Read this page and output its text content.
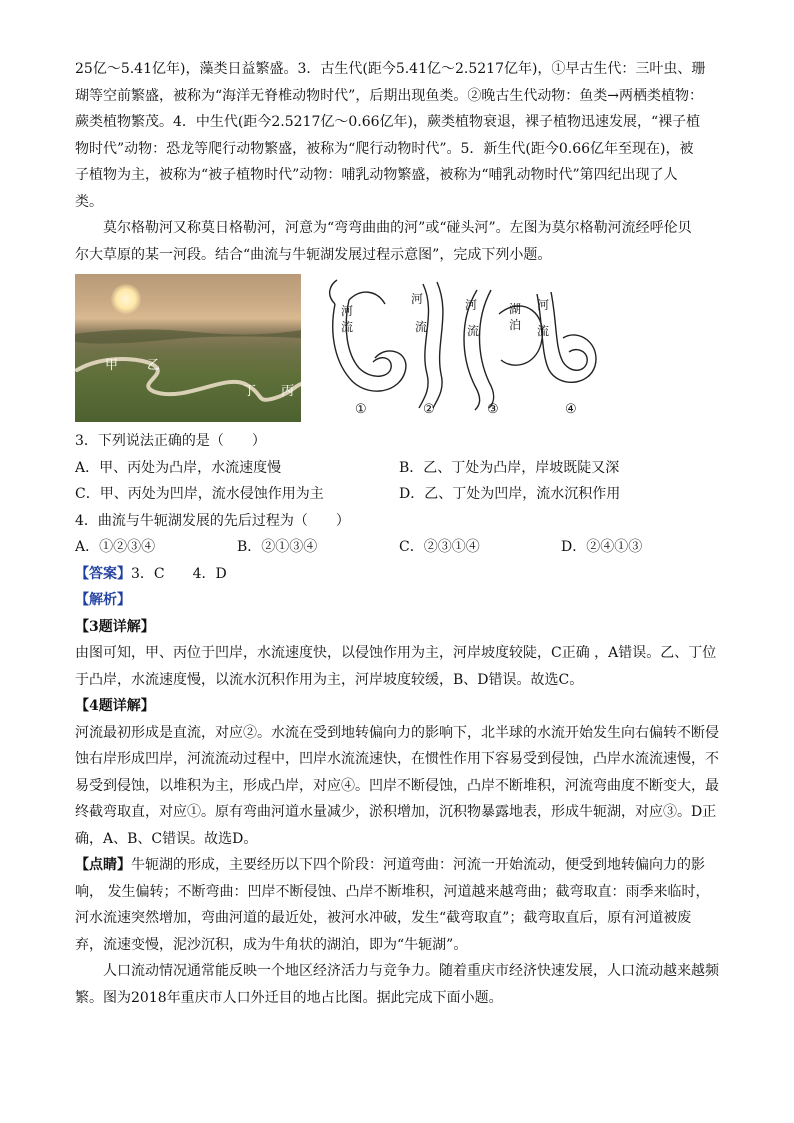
25亿～5.41亿年)，藻类日益繁盛。3．古生代(距今5.41亿～2.5217亿年)，①早古生代：三叶虫、珊

瑚等空前繁盛，被称为“海洋无脊椎动物时代”，后期出现鱼类。②晚古生代动物：鱼类→两栖类植物：

蕨类植物繁茂。4．中生代(距今2.5217亿～0.66亿年)，蕨类植物衰退，裸子植物迅速发展，“裸子植

物时代”动物：恐龙等爬行动物繁盛，被称为“爬行动物时代”。5．新生代(距今0.66亿年至现在)，被

子植物为主，被称为“被子植物时代”动物：哺乳动物繁盛，被称为“哺乳动物时代”第四纪出现了人

类。

莫尔格勒河又称莫日格勒河，河意为“弯弯曲曲的河”或“碰头河”。左图为莫尔格勒河流经呼伦贝

尔大草原的某一河段。结合“曲流与牛轭湖发展过程示意图”，完成下列小题。

甲 乙
丁 丙
河
流
河
流
河
流
湖
泊
河
流
①	②	③	④

3．下列说法正确的是（　　）

A．甲、丙处为凸岸，水流速度慢	B．乙、丁处为凸岸，岸坡既陡又深
C．甲、丙处为凹岸，流水侵蚀作用为主	D．乙、丁处为凹岸，流水沉积作用

4．曲流与牛轭湖发展的先后过程为（　　）

A．①②③④	B．②①③④	C．②③①④	D．②④①③

【答案】3．C　　4．D

【解析】

【3题详解】

由图可知，甲、丙位于凹岸，水流速度快，以侵蚀作用为主，河岸坡度较陡，C正确 ，A错误。乙、丁位

于凸岸，水流速度慢，以流水沉积作用为主，河岸坡度较缓，B、D错误。故选C。

【4题详解】

河流最初形成是直流，对应②。水流在受到地转偏向力的影响下，北半球的水流开始发生向右偏转不断侵

蚀右岸形成凹岸，河流流动过程中，凹岸水流流速快，在惯性作用下容易受到侵蚀，凸岸水流流速慢，不

易受到侵蚀，以堆积为主，形成凸岸，对应④。凹岸不断侵蚀，凸岸不断堆积，河流弯曲度不断变大，最

终截弯取直，对应①。原有弯曲河道水量减少，淤积增加，沉积物暴露地表，形成牛轭湖，对应③。D正

确，A、B、C错误。故选D。

【点睛】牛轭湖的形成，主要经历以下四个阶段：河道弯曲：河流一开始流动，便受到地转偏向力的影

响， 发生偏转；不断弯曲：凹岸不断侵蚀、凸岸不断堆积，河道越来越弯曲；截弯取直：雨季来临时，

河水流速突然增加，弯曲河道的最近处，被河水冲破，发生“截弯取直”；截弯取直后，原有河道被废

弃，流速变慢，泥沙沉积，成为牛角状的湖泊，即为“牛轭湖”。

人口流动情况通常能反映一个地区经济活力与竞争力。随着重庆市经济快速发展，人口流动越来越频

繁。图为2018年重庆市人口外迁目的地占比图。据此完成下面小题。
